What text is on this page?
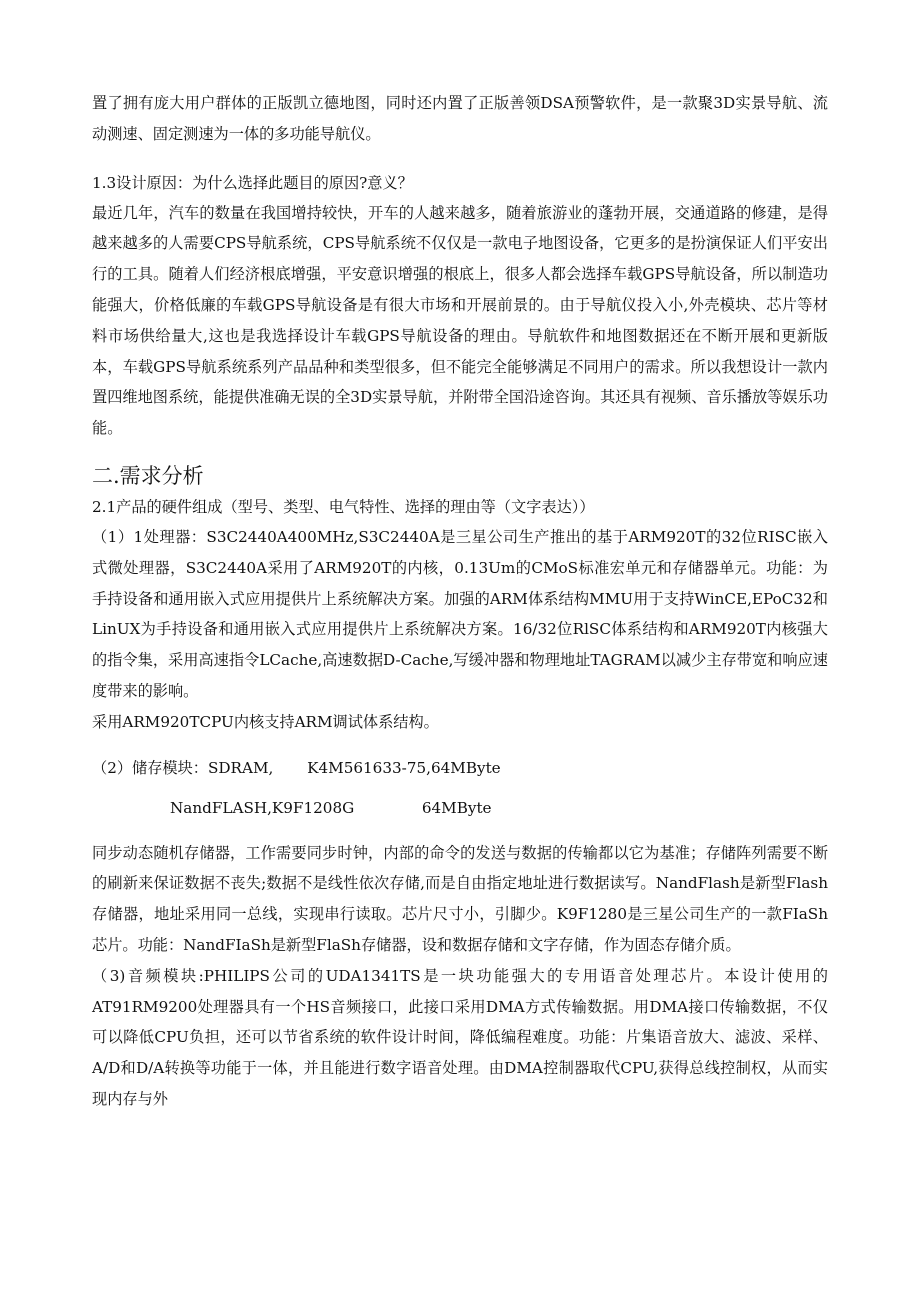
置了拥有庞大用户群体的正版凯立德地图，同时还内置了正版善领DSA预警软件，是一款聚3D实景导航、流动测速、固定测速为一体的多功能导航仪。

1.3设计原因：为什么选择此题目的原因?意义？

最近几年，汽车的数量在我国增持较快，开车的人越来越多，随着旅游业的蓬勃开展，交通道路的修建，是得越来越多的人需要CPS导航系统，CPS导航系统不仅仅是一款电子地图设备，它更多的是扮演保证人们平安出行的工具。随着人们经济根底增强，平安意识增强的根底上，很多人都会选择车载GPS导航设备，所以制造功能强大，价格低廉的车载GPS导航设备是有很大市场和开展前景的。由于导航仪投入小,外壳模块、芯片等材料市场供给量大,这也是我选择设计车载GPS导航设备的理由。导航软件和地图数据还在不断开展和更新版本，车载GPS导航系统系列产品品种和类型很多，但不能完全能够满足不同用户的需求。所以我想设计一款内置四维地图系统，能提供准确无误的全3D实景导航，并附带全国沿途咨询。其还具有视频、音乐播放等娱乐功能。

二.需求分析

2.1产品的硬件组成（型号、类型、电气特性、选择的理由等（文字表达））

（1）1处理器：S3C2440A400MHz,S3C2440A是三星公司生产推出的基于ARM920T的32位RISC嵌入式微处理器，S3C2440A采用了ARM920T的内核，0.13Um的CMoS标准宏单元和存储器单元。功能：为手持设备和通用嵌入式应用提供片上系统解决方案。加强的ARM体系结构MMU用于支持WinCE,EPoC32和LinUX为手持设备和通用嵌入式应用提供片上系统解决方案。16/32位RlSC体系结构和ARM920T内核强大的指令集，采用高速指令LCache,高速数据D-Cache,写缓冲器和物理地址TAGRAM以减少主存带宽和响应速度带来的影响。

采用ARM920TCPU内核支持ARM调试体系结构。

（2）储存模块：SDRAM,       K4M561633-75,64MByte

NandFLASH,K9F1208G              64MByte

同步动态随机存储器，工作需要同步时钟，内部的命令的发送与数据的传输都以它为基准；存储阵列需要不断的刷新来保证数据不丧失;数据不是线性依次存储,而是自由指定地址进行数据读写。NandFlash是新型Flash存储器，地址采用同一总线，实现串行读取。芯片尺寸小，引脚少。K9F1280是三星公司生产的一款FIaSh芯片。功能：NandFIaSh是新型FlaSh存储器，设和数据存储和文字存储，作为固态存储介质。

（3)音频模块:PHILIPS公司的UDA1341TS是一块功能强大的专用语音处理芯片。本设计使用的AT91RM9200处理器具有一个HS音频接口，此接口采用DMA方式传输数据。用DMA接口传输数据，不仅可以降低CPU负担，还可以节省系统的软件设计时间，降低编程难度。功能：片集语音放大、滤波、采样、A/D和D/A转换等功能于一体，并且能进行数字语音处理。由DMA控制器取代CPU,获得总线控制权，从而实现内存与外
